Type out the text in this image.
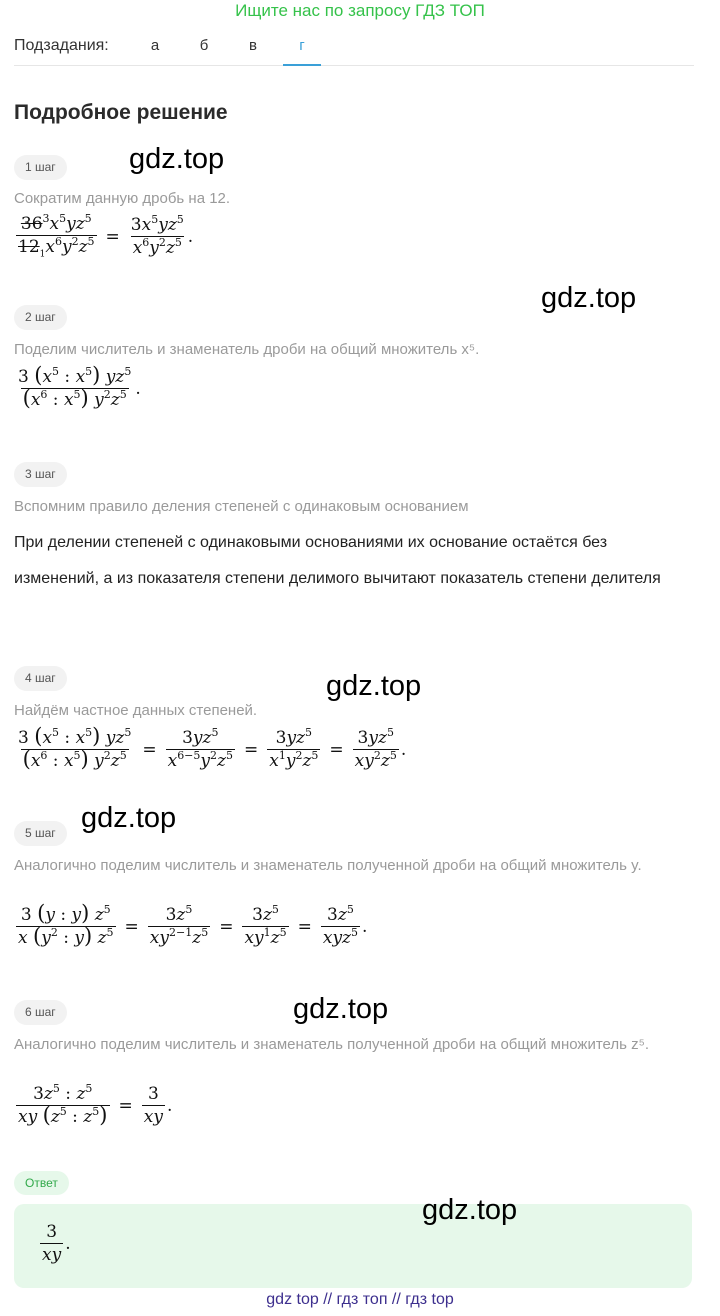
Ищите нас по запросу ГДЗ ТОП
Подзадания:	а	б	в	г
Подробное решение
1 шаг	gdz.top
Сократим данную дробь на 12.
$\frac{36^3x^5yz^5}{12_1x^6y^2z^5} = \frac{3x^5yz^5}{x^6y^2z^5}$ .
gdz.top
2 шаг
Поделим числитель и знаменатель дроби на общий множитель x⁵.
$\frac{3 (x^5 : x^5) yz^5}{(x^6 : x^5) y^2z^5}$ .
3 шаг
Вспомним правило деления степеней с одинаковым основанием
При делении степеней с одинаковыми основаниями их основание остаётся без изменений, а из показателя степени делимого вычитают показатель степени делителя
4 шаг	gdz.top
Найдём частное данных степеней.
$\frac{3 (x^5 : x^5) yz^5}{(x^6 : x^5) y^2z^5} = \frac{3yz^5}{x^{6-5}y^2z^5} = \frac{3yz^5}{x^1y^2z^5} = \frac{3yz^5}{xy^2z^5}$ .
gdz.top
5 шаг
Аналогично поделим числитель и знаменатель полученной дроби на общий множитель y.
$\frac{3 (y : y) z^5}{x (y^2 : y) z^5} = \frac{3z^5}{xy^{2-1}z^5} = \frac{3z^5}{xy^1z^5} = \frac{3z^5}{xyz^5}$ .
gdz.top
6 шаг
Аналогично поделим числитель и знаменатель полученной дроби на общий множитель z⁵.
$\frac{3z^5 : z^5}{xy (z^5 : z^5)} = \frac{3}{xy}$ .
Ответ
gdz.top
$\frac{3}{xy}$ .
gdz top // гдз топ // гдз top
